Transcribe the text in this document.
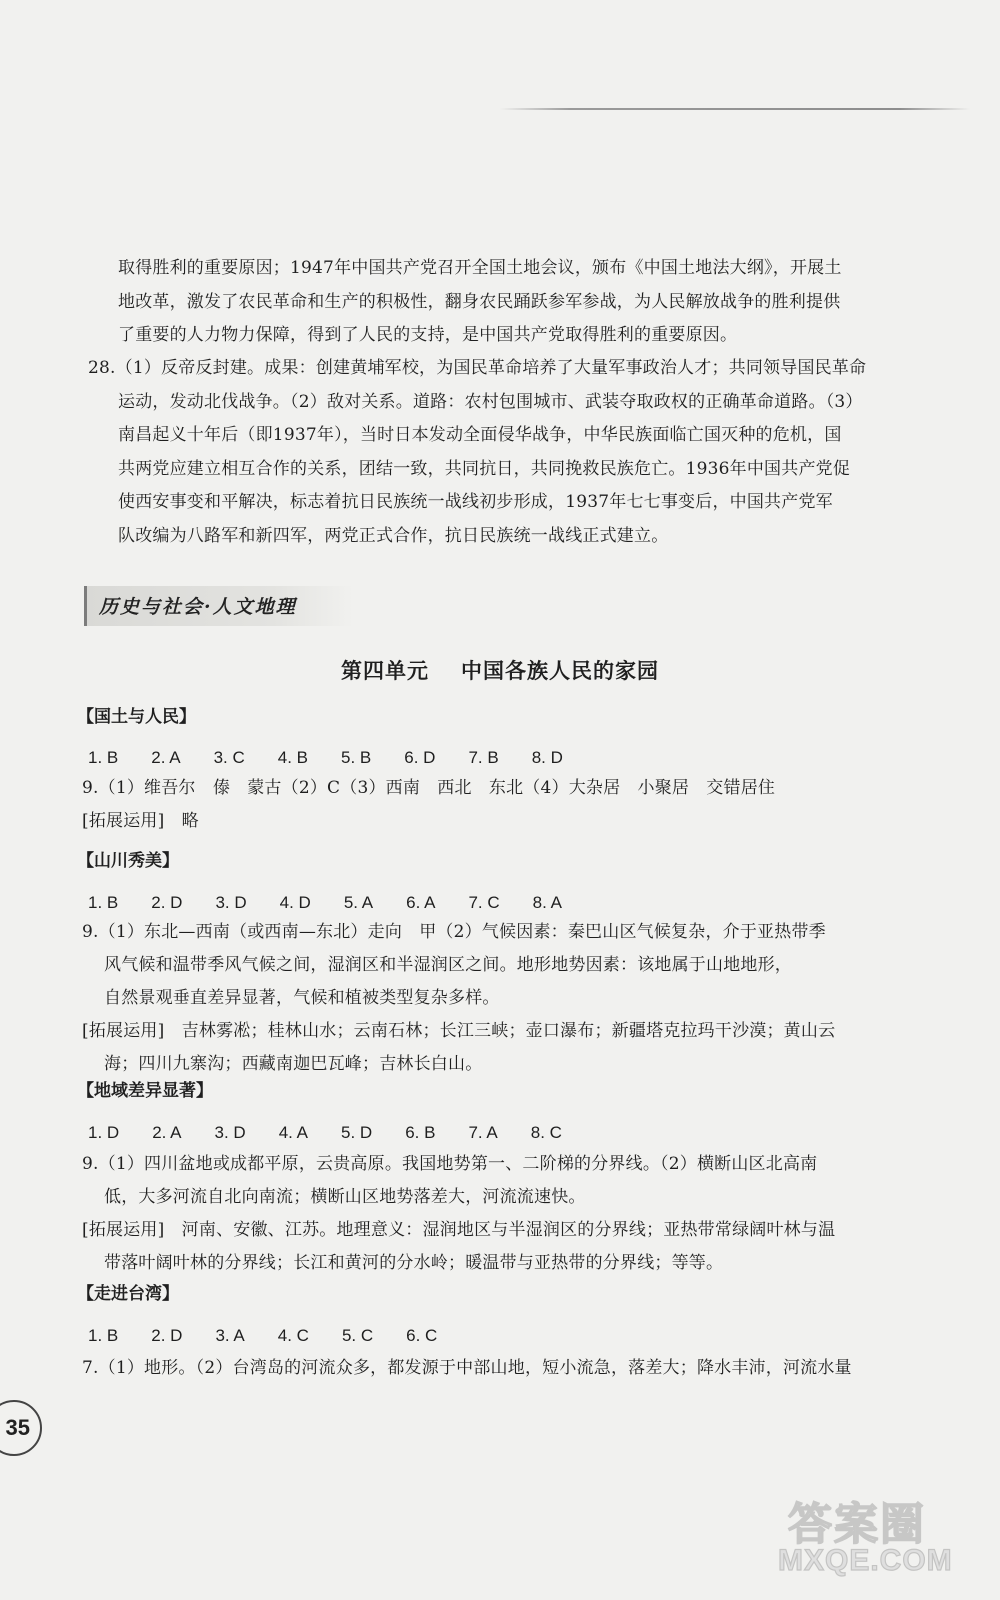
取得胜利的重要原因；1947年中国共产党召开全国土地会议，颁布《中国土地法大纲》，开展土
地改革，激发了农民革命和生产的积极性，翻身农民踊跃参军参战，为人民解放战争的胜利提供
了重要的人力物力保障，得到了人民的支持，是中国共产党取得胜利的重要原因。
28.（1）反帝反封建。成果：创建黄埔军校，为国民革命培养了大量军事政治人才；共同领导国民革命
运动，发动北伐战争。（2）敌对关系。道路：农村包围城市、武装夺取政权的正确革命道路。（3）
南昌起义十年后（即1937年），当时日本发动全面侵华战争，中华民族面临亡国灭种的危机，国
共两党应建立相互合作的关系，团结一致，共同抗日，共同挽救民族危亡。1936年中国共产党促
使西安事变和平解决，标志着抗日民族统一战线初步形成，1937年七七事变后，中国共产党军
队改编为八路军和新四军，两党正式合作，抗日民族统一战线正式建立。
历史与社会·人文地理
第四单元 中国各族人民的家园
【国土与人民】
1. B 2. A 3. C 4. B 5. B 6. D 7. B 8. D
9.（1）维吾尔　傣　蒙古（2）C（3）西南　西北　东北（4）大杂居　小聚居　交错居住
[拓展运用]　略
【山川秀美】
1. B 2. D 3. D 4. D 5. A 6. A 7. C 8. A
9.（1）东北—西南（或西南—东北）走向　甲（2）气候因素：秦巴山区气候复杂，介于亚热带季
风气候和温带季风气候之间，湿润区和半湿润区之间。地形地势因素：该地属于山地地形，
自然景观垂直差异显著，气候和植被类型复杂多样。
[拓展运用]　吉林雾凇；桂林山水；云南石林；长江三峡；壶口瀑布；新疆塔克拉玛干沙漠；黄山云
海；四川九寨沟；西藏南迦巴瓦峰；吉林长白山。
【地域差异显著】
1. D 2. A 3. D 4. A 5. D 6. B 7. A 8. C
9.（1）四川盆地或成都平原，云贵高原。我国地势第一、二阶梯的分界线。（2）横断山区北高南
低，大多河流自北向南流；横断山区地势落差大，河流流速快。
[拓展运用]　河南、安徽、江苏。地理意义：湿润地区与半湿润区的分界线；亚热带常绿阔叶林与温
带落叶阔叶林的分界线；长江和黄河的分水岭；暖温带与亚热带的分界线；等等。
【走进台湾】
1. B 2. D 3. A 4. C 5. C 6. C
7.（1）地形。（2）台湾岛的河流众多，都发源于中部山地，短小流急，落差大；降水丰沛，河流水量
35
答案圈
MXQE.COM
